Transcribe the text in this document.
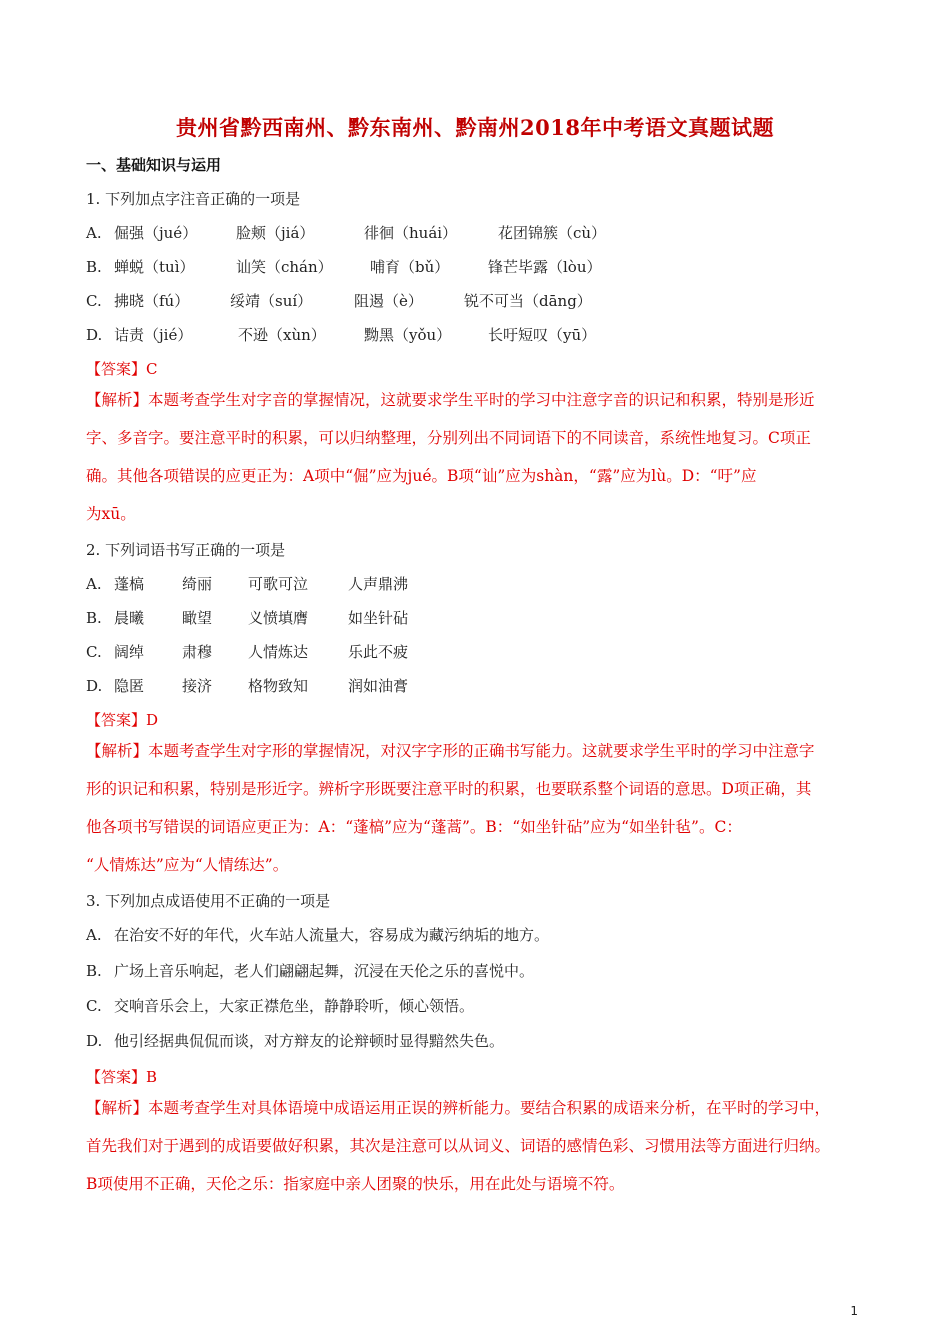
贵州省黔西南州、黔东南州、黔南州2018年中考语文真题试题
一、基础知识与运用
1. 下列加点字注音正确的一项是
A. 倔强（jué）	脸颊（jiá）	徘徊（huái）	花团锦簇（cù）
B. 蝉蜕（tuì）	讪笑（chán） 哺育（bǔ）	锋芒毕露（lòu）
C. 拂晓（fú）	绥靖（suí）	阻遏（è）	锐不可当（dāng）
D. 诘责（jié）	不逊（xùn）	黝黑（yǒu） 长吁短叹（yū）
【答案】C

【解析】本题考查学生对字音的掌握情况，这就要求学生平时的学习中注意字音的识记和积累，特别是形近

字、多音字。要注意平时的积累，可以归纳整理，分别列出不同词语下的不同读音，系统性地复习。C项正

确。其他各项错误的应更正为：A项中“倔”应为jué。B项“讪”应为shàn，“露”应为lù。D：“吁”应

为xū。

2. 下列词语书写正确的一项是
A. 蓬槁	绮丽 可歌可泣	人声鼎沸
B. 晨曦	瞰望 义愤填膺	如坐针砧
C. 阔绰	肃穆 人情炼达	乐此不疲
D. 隐匿	接济 格物致知	润如油膏
【答案】D

【解析】本题考查学生对字形的掌握情况，对汉字字形的正确书写能力。这就要求学生平时的学习中注意字

形的识记和积累，特别是形近字。辨析字形既要注意平时的积累，也要联系整个词语的意思。D项正确，其

他各项书写错误的词语应更正为：A：“蓬槁”应为“蓬蒿”。B：“如坐针砧”应为“如坐针毡”。C：

“人情炼达”应为“人情练达”。

3. 下列加点成语使用不正确的一项是
A. 在治安不好的年代，火车站人流量大，容易成为藏污纳垢的地方。
B. 广场上音乐响起，老人们翩翩起舞，沉浸在天伦之乐的喜悦中。
C. 交响音乐会上，大家正襟危坐，静静聆听，倾心领悟。
D. 他引经据典侃侃而谈，对方辩友的论辩顿时显得黯然失色。
【答案】B

【解析】本题考查学生对具体语境中成语运用正误的辨析能力。要结合积累的成语来分析，在平时的学习中，

首先我们对于遇到的成语要做好积累，其次是注意可以从词义、词语的感情色彩、习惯用法等方面进行归纳。

B项使用不正确，天伦之乐：指家庭中亲人团聚的快乐，用在此处与语境不符。

1
